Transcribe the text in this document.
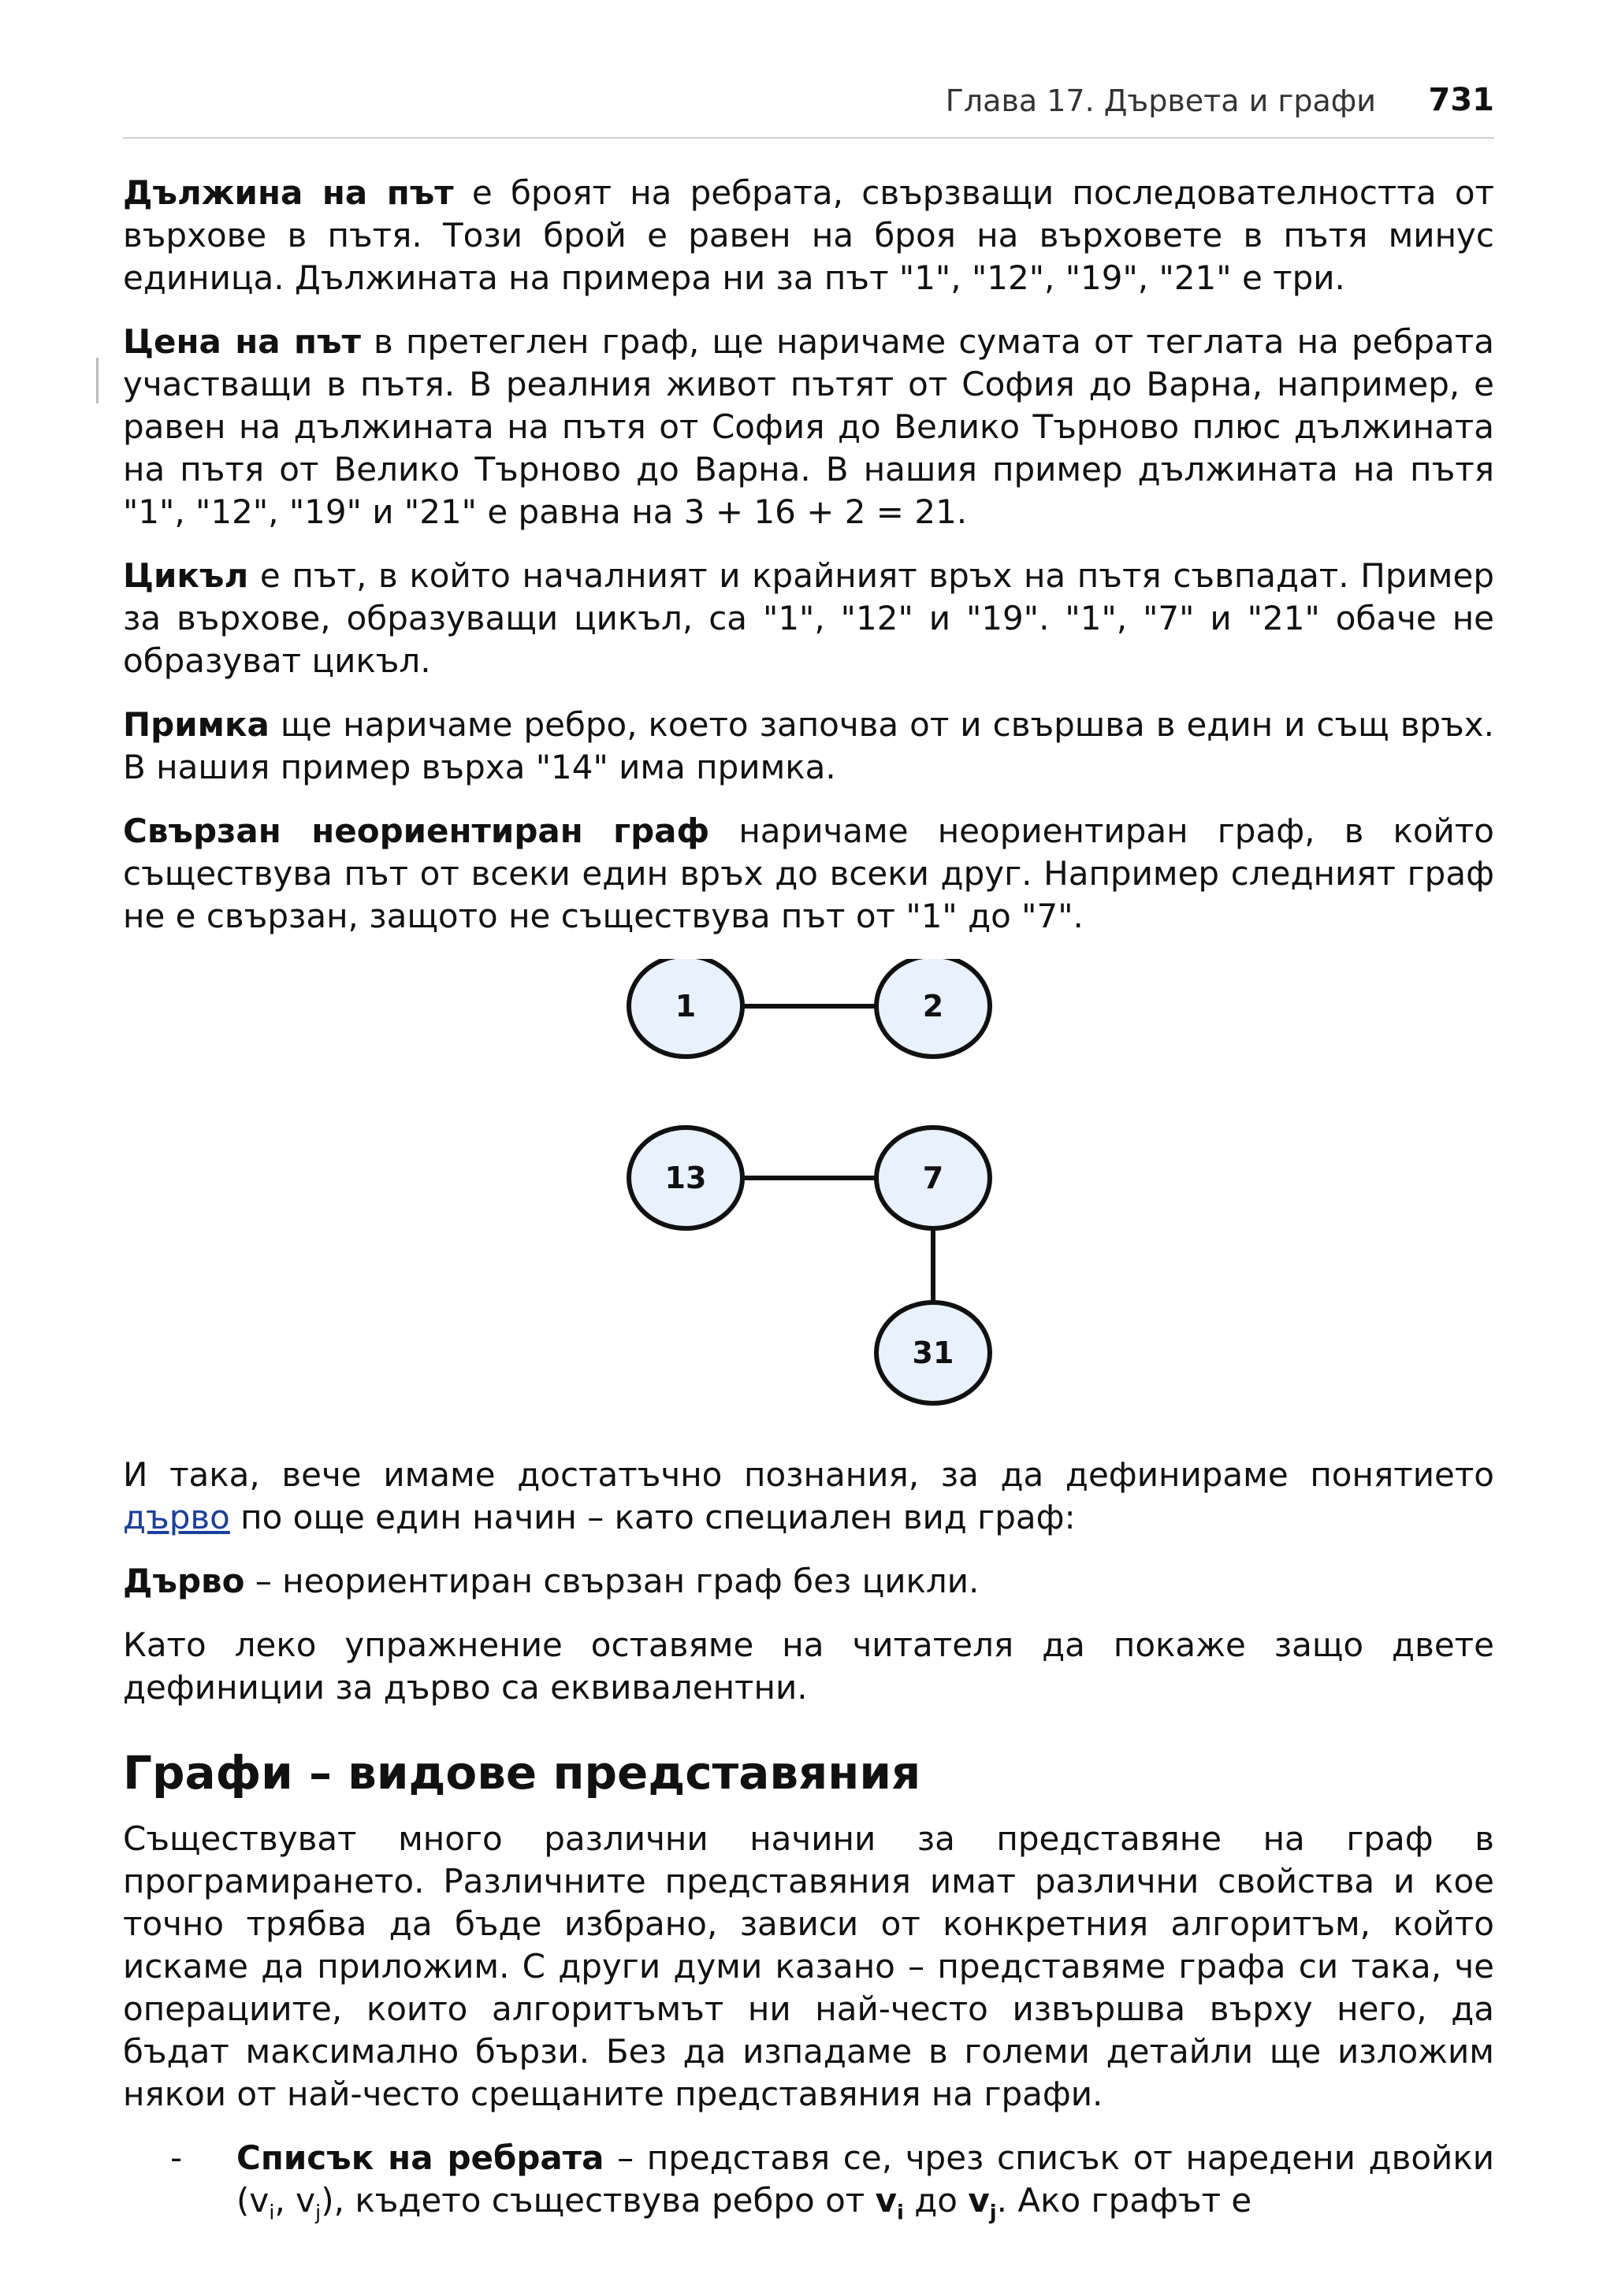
Глава 17. Дървета и графи 731

Дължина на път е броят на ребрата, свързващи последователността от върхове в пътя. Този брой е равен на броя на върховете в пътя минус единица. Дължината на примера ни за път "1", "12", "19", "21" е три.

Цена на път в претеглен граф, ще наричаме сумата от теглата на ребрата участващи в пътя. В реалния живот пътят от София до Варна, например, е равен на дължината на пътя от София до Велико Търново плюс дължината на пътя от Велико Търново до Варна. В нашия пример дължината на пътя "1", "12", "19" и "21" е равна на 3 + 16 + 2 = 21.

Цикъл е път, в който началният и крайният връх на пътя съвпадат. Пример за върхове, образуващи цикъл, са "1", "12" и "19". "1", "7" и "21" обаче не образуват цикъл.

Примка ще наричаме ребро, което започва от и свършва в един и същ връх. В нашия пример върха "14" има примка.

Свързан неориентиран граф наричаме неориентиран граф, в който съществува път от всеки един връх до всеки друг. Например следният граф не е свързан, защото не съществува път от "1" до "7".

1	2
13	7
31

И така, вече имаме достатъчно познания, за да дефинираме понятието дърво по още един начин – като специален вид граф:

Дърво – неориентиран свързан граф без цикли.

Като леко упражнение оставяме на читателя да покаже защо двете дефиниции за дърво са еквивалентни.

Графи – видове представяния

Съществуват много различни начини за представяне на граф в програмирането. Различните представяния имат различни свойства и кое точно трябва да бъде избрано, зависи от конкретния алгоритъм, който искаме да приложим. С други думи казано – представяме графа си така, че операциите, които алгоритъмът ни най-често извършва върху него, да бъдат максимално бързи. Без да изпадаме в големи детайли ще изложим някои от най-често срещаните представяния на графи.

- Списък на ребрата – представя се, чрез списък от наредени двойки ($v_i$, $v_j$), където съществува ребро от $v_i$ до $v_j$. Ако графът е
